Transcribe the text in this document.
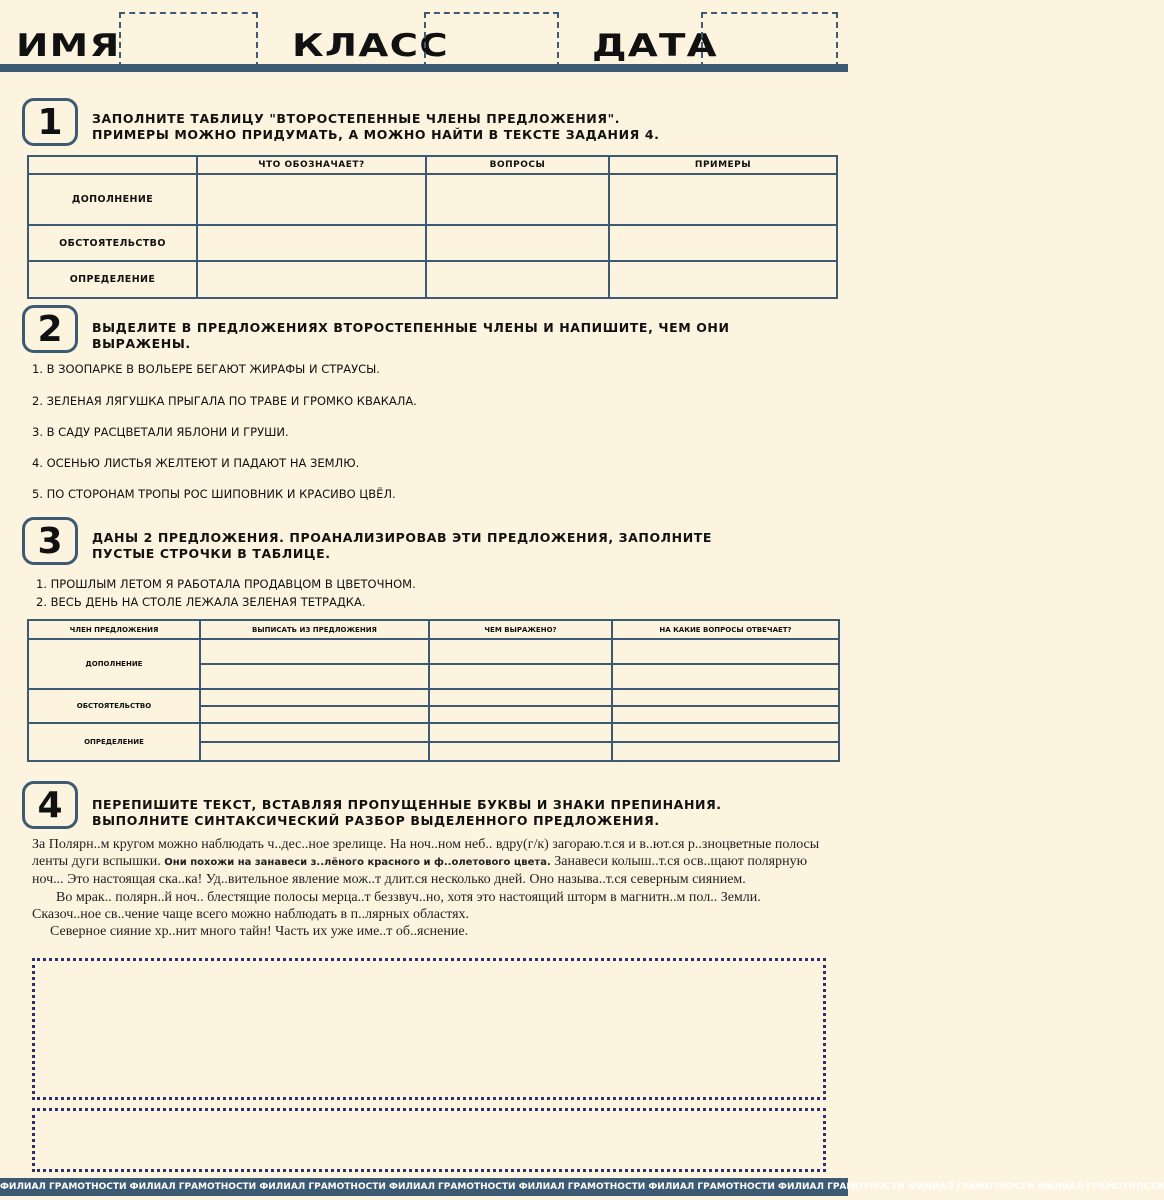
ИМЯ	КЛАСС	ДАТА
1	ЗАПОЛНИТЕ ТАБЛИЦУ "ВТОРОСТЕПЕННЫЕ ЧЛЕНЫ ПРЕДЛОЖЕНИЯ".
ПРИМЕРЫ МОЖНО ПРИДУМАТЬ, А МОЖНО НАЙТИ В ТЕКСТЕ ЗАДАНИЯ 4.
	ЧТО ОБОЗНАЧАЕТ?	ВОПРОСЫ	ПРИМЕРЫ
ДОПОЛНЕНИЕ			
ОБСТОЯТЕЛЬСТВО			
ОПРЕДЕЛЕНИЕ			
2	ВЫДЕЛИТЕ В ПРЕДЛОЖЕНИЯХ ВТОРОСТЕПЕННЫЕ ЧЛЕНЫ И НАПИШИТЕ, ЧЕМ ОНИ
ВЫРАЖЕНЫ.
1. В ЗООПАРКЕ В ВОЛЬЕРЕ БЕГАЮТ ЖИРАФЫ И СТРАУСЫ.
2. ЗЕЛЕНАЯ ЛЯГУШКА ПРЫГАЛА ПО ТРАВЕ И ГРОМКО КВАКАЛА.
3. В САДУ РАСЦВЕТАЛИ ЯБЛОНИ И ГРУШИ.
4. ОСЕНЬЮ ЛИСТЬЯ ЖЕЛТЕЮТ И ПАДАЮТ НА ЗЕМЛЮ.
5. ПО СТОРОНАМ ТРОПЫ РОС ШИПОВНИК И КРАСИВО ЦВЁЛ.
3	ДАНЫ 2 ПРЕДЛОЖЕНИЯ. ПРОАНАЛИЗИРОВАВ ЭТИ ПРЕДЛОЖЕНИЯ, ЗАПОЛНИТЕ
ПУСТЫЕ СТРОЧКИ В ТАБЛИЦЕ.
1. ПРОШЛЫМ ЛЕТОМ Я РАБОТАЛА ПРОДАВЦОМ В ЦВЕТОЧНОМ.
2. ВЕСЬ ДЕНЬ НА СТОЛЕ ЛЕЖАЛА ЗЕЛЕНАЯ ТЕТРАДКА.
ЧЛЕН ПРЕДЛОЖЕНИЯ	ВЫПИСАТЬ ИЗ ПРЕДЛОЖЕНИЯ	ЧЕМ ВЫРАЖЕНО?	НА КАКИЕ ВОПРОСЫ ОТВЕЧАЕТ?
ДОПОЛНЕНИЕ			

ОБСТОЯТЕЛЬСТВО			

ОПРЕДЕЛЕНИЕ			

4	ПЕРЕПИШИТЕ ТЕКСТ, ВСТАВЛЯЯ ПРОПУЩЕННЫЕ БУКВЫ И ЗНАКИ ПРЕПИНАНИЯ.
ВЫПОЛНИТЕ СИНТАКСИЧЕСКИЙ РАЗБОР ВЫДЕЛЕННОГО ПРЕДЛОЖЕНИЯ.

За Полярн..м кругом можно наблюдать ч..дес..ное зрелище. На ноч..ном неб.. вдру(г/к) загораю.т.ся и в..ют.ся р..зноцветные полосы ленты дуги вспышки. Они похожи на занавеси з..лёного красного и ф..олетового цвета. Занавеси колыш..т.ся осв..щают полярную ноч... Это настоящая ска..ка! Уд..вительное явление мож..т длит.ся несколько дней. Оно называ..т.ся северным сиянием.

Во мрак.. полярн..й ноч.. блестящие полосы мерца..т беззвуч..но, хотя это настоящий шторм в магнитн..м пол.. Земли. Сказоч..ное св..чение чаще всего можно наблюдать в п..лярных областях.

Северное сияние хр..нит много тайн! Часть их уже име..т об..яснение.

ФИЛИАЛ ГРАМОТНОСТИ ФИЛИАЛ ГРАМОТНОСТИ ФИЛИАЛ ГРАМОТНОСТИ ФИЛИАЛ ГРАМОТНОСТИ ФИЛИАЛ ГРАМОТНОСТИ ФИЛИАЛ ГРАМОТНОСТИ ФИЛИАЛ ГРАМОТНОСТИ ФИЛИАЛ ГРАМОТНОСТИ ФИЛИАЛ ГРАМОТНОСТИ
